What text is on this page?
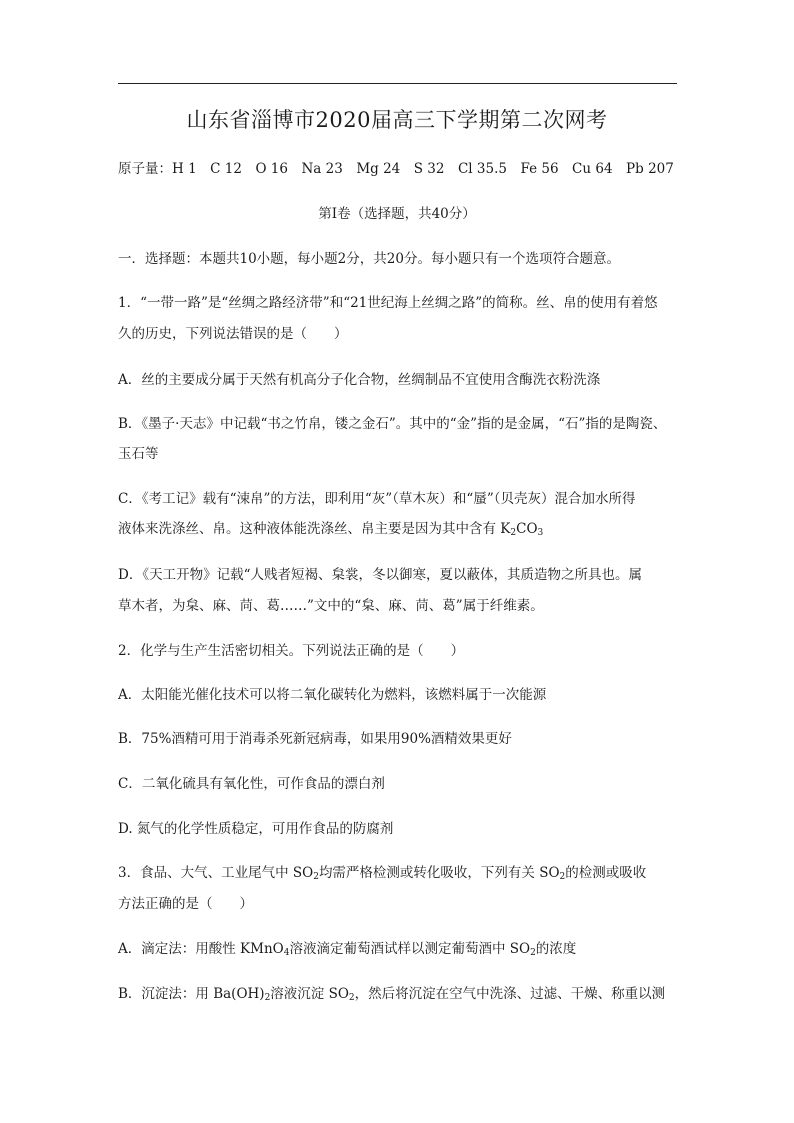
山东省淄博市2020届高三下学期第二次网考
原子量：H 1　C 12　O 16　Na 23　Mg 24　S 32　Cl 35.5　Fe 56　Cu 64　Pb 207
第Ⅰ卷（选择题，共40分）
一．选择题：本题共10小题，每小题2分，共20分。每小题只有一个选项符合题意。
1．“一带一路”是“丝绸之路经济带”和“21世纪海上丝绸之路”的简称。丝、帛的使用有着悠
久的历史，下列说法错误的是（　　）
A．丝的主要成分属于天然有机高分子化合物，丝绸制品不宜使用含酶洗衣粉洗涤
B．《墨子·天志》中记载“书之竹帛，镂之金石”。其中的“金”指的是金属，“石”指的是陶瓷、
玉石等
C．《考工记》载有“涑帛”的方法，即利用“灰”（草木灰）和“蜃”（贝壳灰）混合加水所得
液体来洗涤丝、帛。这种液体能洗涤丝、帛主要是因为其中含有 $K_2CO_3$
D．《天工开物》记载“人贱者短褐、枲裳，冬以御寒，夏以蔽体，其质造物之所具也。属
草木者，为枲、麻、苘、葛……”文中的“枲、麻、苘、葛”属于纤维素。
2．化学与生产生活密切相关。下列说法正确的是（　　）
A．太阳能光催化技术可以将二氧化碳转化为燃料，该燃料属于一次能源
B．75%酒精可用于消毒杀死新冠病毒，如果用90%酒精效果更好
C．二氧化硫具有氧化性，可作食品的漂白剂
D. 氮气的化学性质稳定，可用作食品的防腐剂
3．食品、大气、工业尾气中 $SO_2$均需严格检测或转化吸收，下列有关 $SO_2$的检测或吸收
方法正确的是（　　）
A．滴定法：用酸性 KMnO$_4$溶液滴定葡萄酒试样以测定葡萄酒中 $SO_2$的浓度
B．沉淀法：用 $Ba(OH)_2$溶液沉淀 $SO_2$，然后将沉淀在空气中洗涤、过滤、干燥、称重以测
